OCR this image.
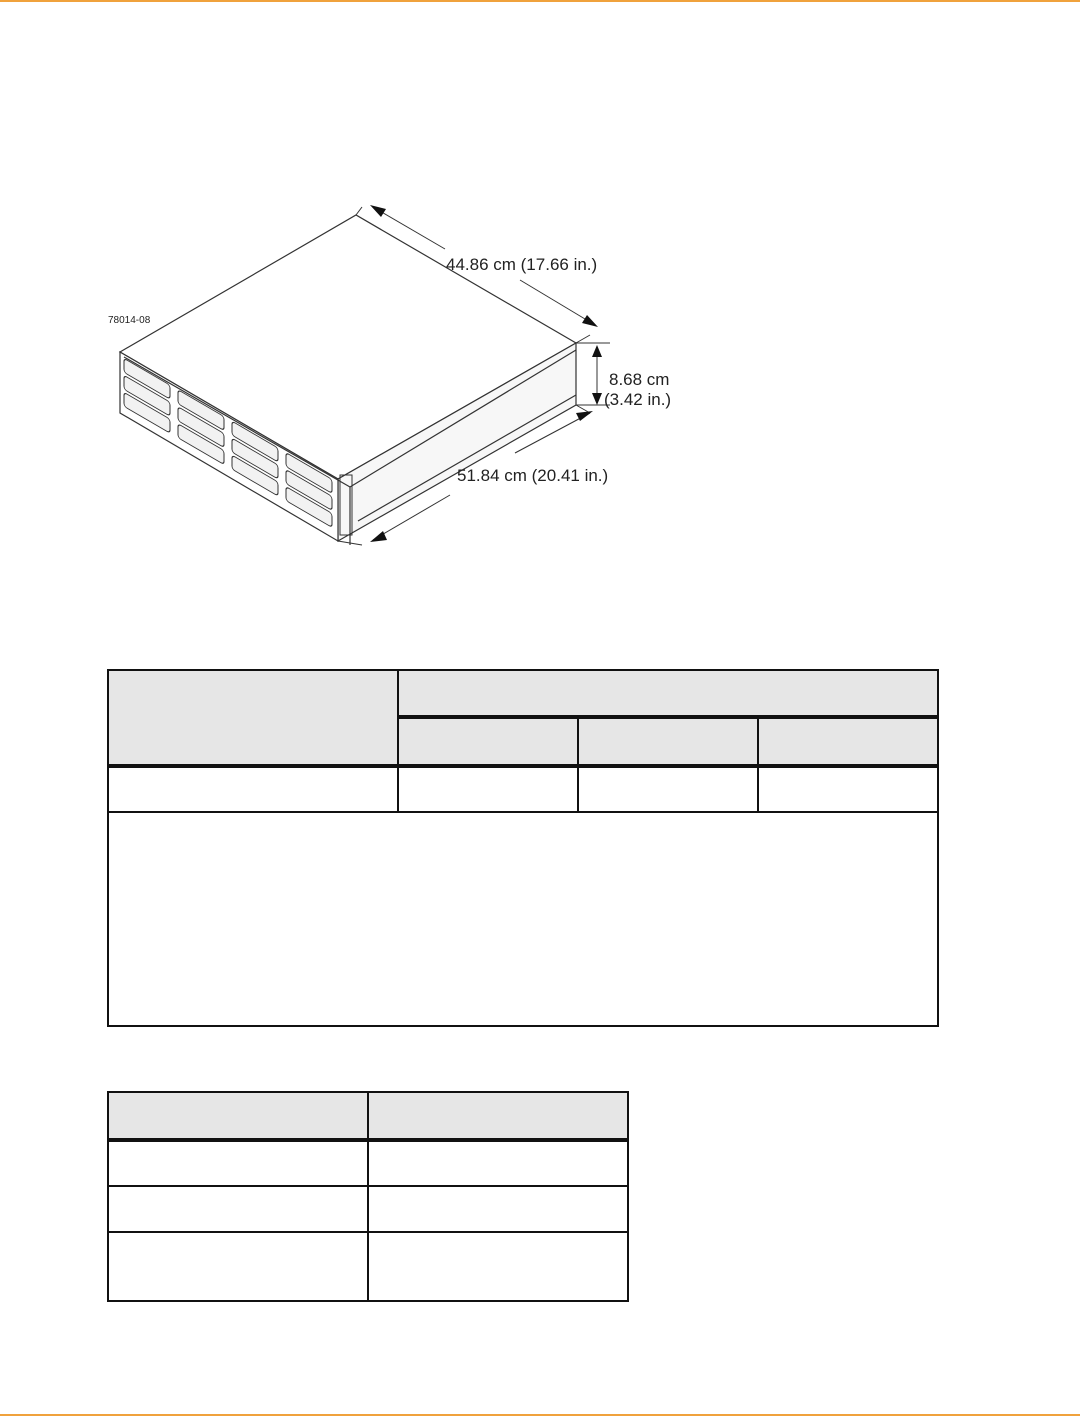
78014-08
44.86 cm (17.66 in.)
8.68 cm
(3.42 in.)
51.84 cm (20.41 in.)
